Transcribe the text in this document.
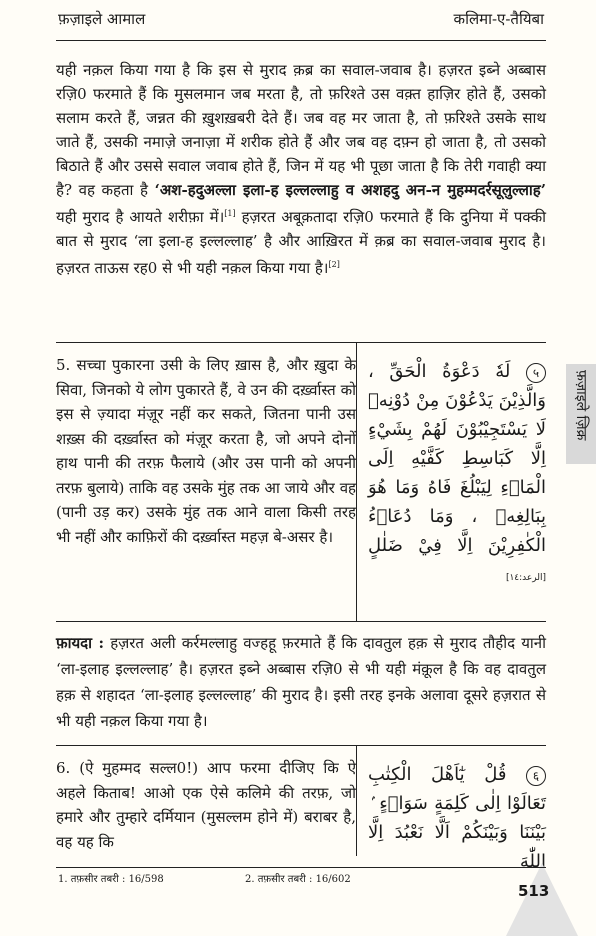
फ़ज़ाइले आमाल	कलिमा-ए-तैयिबा
यही नक़ल किया गया है कि इस से मुराद क़ब्र का सवाल-जवाब है। हज़रत इब्ने अब्बास रज़ि0 फरमाते हैं कि मुसलमान जब मरता है, तो फ़रिश्ते उस वक़्त हाज़िर होते हैं, उसको सलाम करते हैं, जन्नत की ख़ुशख़बरी देते हैं। जब वह मर जाता है, तो फ़रिश्ते उसके साथ जाते हैं, उसकी नमाज़े जनाज़ा में शरीक होते हैं और जब वह दफ़्न हो जाता है, तो उसको बिठाते हैं और उससे सवाल जवाब होते हैं, जिन में यह भी पूछा जाता है कि तेरी गवाही क्या है? वह कहता है ‘अश-हदुअल्ला इला-ह इल्लल्लाहु व अशहदु अन-न मुहम्मदर्रसूलुल्लाह’ यही मुराद है आयते शरीफ़ा में।[1] हज़रत अबूक़तादा रज़ि0 फरमाते हैं कि दुनिया में पक्की बात से मुराद ‘ला इला-ह इल्लल्लाह’ है और आख़िरत में क़ब्र का सवाल-जवाब मुराद है। हज़रत ताऊस रह0 से भी यही नक़ल किया गया है।[2]
5. सच्चा पुकारना उसी के लिए ख़ास है, और ख़ुदा के सिवा, जिनको ये लोग पुकारते हैं, वे उन की दर्ख़्वास्त को इस से ज़्यादा मंज़ूर नहीं कर सकते, जितना पानी उस शख़्स की दर्ख़्वास्त को मंज़ूर करता है, जो अपने दोनों हाथ पानी की तरफ़ फैलाये (और उस पानी को अपनी तरफ़ बुलाये) ताकि वह उसके मुंह तक आ जाये और वह (पानी उड़ कर) उसके मुंह तक आने वाला किसी तरह भी नहीं और काफ़िरों की दर्ख़्वास्त महज़ बे-असर है।
५ لَهٗ دَعْوَةُ الْحَقِّ ، وَالَّذِيْنَ يَدْعُوْنَ مِنْ دُوْنِهٖ لَا يَسْتَجِيْبُوْنَ لَهُمْ بِشَيْءٍ اِلَّا كَبَاسِطِ كَفَّيْهِ اِلَى الْمَاۤءِ لِيَبْلُغَ فَاهُ وَمَا هُوَ بِبَالِغِهٖ ، وَمَا دُعَاۤءُ الْكٰفِرِيْنَ اِلَّا فِيْ ضَلٰلٍ [الرعد:١٤]
फ़ायदा : हज़रत अली कर्रमल्लाहु वज्हहू फ़रमाते हैं कि दावतुल हक़ से मुराद तौहीद यानी ‘ला-इलाह इल्लल्लाह’ है। हज़रत इब्ने अब्बास रज़ि0 से भी यही मंक़ूल है कि वह दावतुल हक़ से शहादत ‘ला-इलाह इल्लल्लाह’ की मुराद है। इसी तरह इनके अलावा दूसरे हज़रात से भी यही नक़ल किया गया है।
6. (ऐ मुहम्मद सल्ल0!) आप फरमा दीजिए कि ऐ अहले किताब! आओ एक ऐसे कलिमे की तरफ़, जो हमारे और तुम्हारे दर्मियान (मुसल्लम होने में) बराबर है, वह यह कि
६ قُلْ يٰٓاَهْلَ الْكِتٰبِ تَعَالَوْا اِلٰى كَلِمَةٍ سَوَاۤءٍ ۢ بَيْنَنَا وَبَيْنَكُمْ اَلَّا نَعْبُدَ اِلَّا اللّٰهَ
1. तफ़सीर तबरी : 16/598	2. तफ़सीर तबरी : 16/602
513
फ़ज़ाइले ज़िक्र
